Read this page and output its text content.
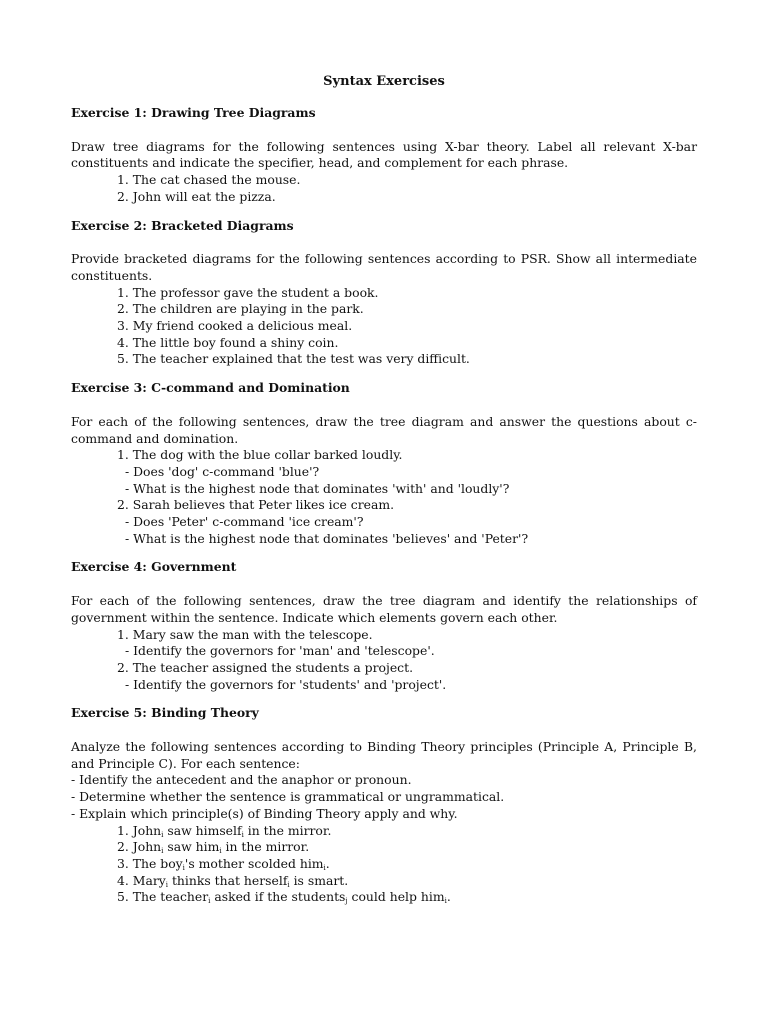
Syntax Exercises

Exercise 1: Drawing Tree Diagrams

Draw tree diagrams for the following sentences using X-bar theory. Label all relevant X-bar constituents and indicate the specifier, head, and complement for each phrase.

1. The cat chased the mouse.

2. John will eat the pizza.

Exercise 2: Bracketed Diagrams

Provide bracketed diagrams for the following sentences according to PSR. Show all intermediate constituents.

1. The professor gave the student a book.

2. The children are playing in the park.

3. My friend cooked a delicious meal.

4. The little boy found a shiny coin.

5. The teacher explained that the test was very difficult.

Exercise 3: C-command and Domination

For each of the following sentences, draw the tree diagram and answer the questions about c-command and domination.

1. The dog with the blue collar barked loudly.

- Does 'dog' c-command 'blue'?

- What is the highest node that dominates 'with' and 'loudly'?

2. Sarah believes that Peter likes ice cream.

- Does 'Peter' c-command 'ice cream'?

- What is the highest node that dominates 'believes' and 'Peter'?

Exercise 4: Government

For each of the following sentences, draw the tree diagram and identify the relationships of government within the sentence. Indicate which elements govern each other.

1. Mary saw the man with the telescope.

- Identify the governors for 'man' and 'telescope'.

2. The teacher assigned the students a project.

- Identify the governors for 'students' and 'project'.

Exercise 5: Binding Theory

Analyze the following sentences according to Binding Theory principles (Principle A, Principle B, and Principle C). For each sentence:

- Identify the antecedent and the anaphor or pronoun.

- Determine whether the sentence is grammatical or ungrammatical.

- Explain which principle(s) of Binding Theory apply and why.

1. John$_i$ saw himself$_i$ in the mirror.

2. John$_i$ saw him$_i$ in the mirror.

3. The boy$_i$'s mother scolded him$_i$.

4. Mary$_i$ thinks that herself$_i$ is smart.

5. The teacher$_i$ asked if the students$_j$ could help him$_i$.
